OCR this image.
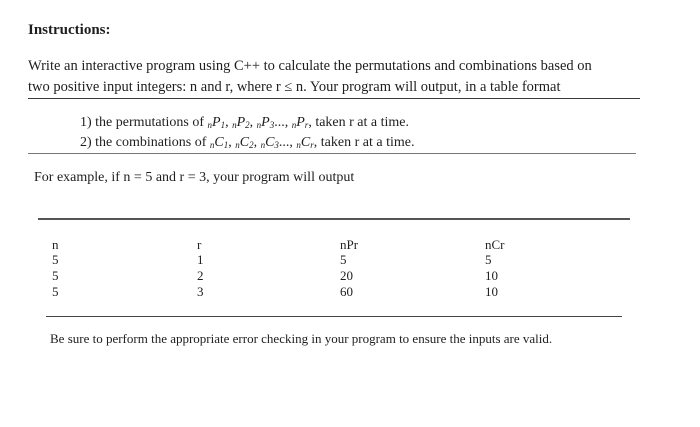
Instructions:
Write an interactive program using C++ to calculate the permutations and combinations based on
two positive input integers: n and r, where r ≤ n. Your program will output, in a table format
1) the permutations of $nP_1$, $nP_2$, $nP_3$..., $nP_r$, taken r at a time.
2) the combinations of $nC_1$, $nC_2$, $nC_3$..., $nC_r$, taken r at a time.
For example, if n = 5 and r = 3, your program will output
n	r	nPr	nCr
5	1	5	5
5	2	20	10
5	3	60	10
Be sure to perform the appropriate error checking in your program to ensure the inputs are valid.
